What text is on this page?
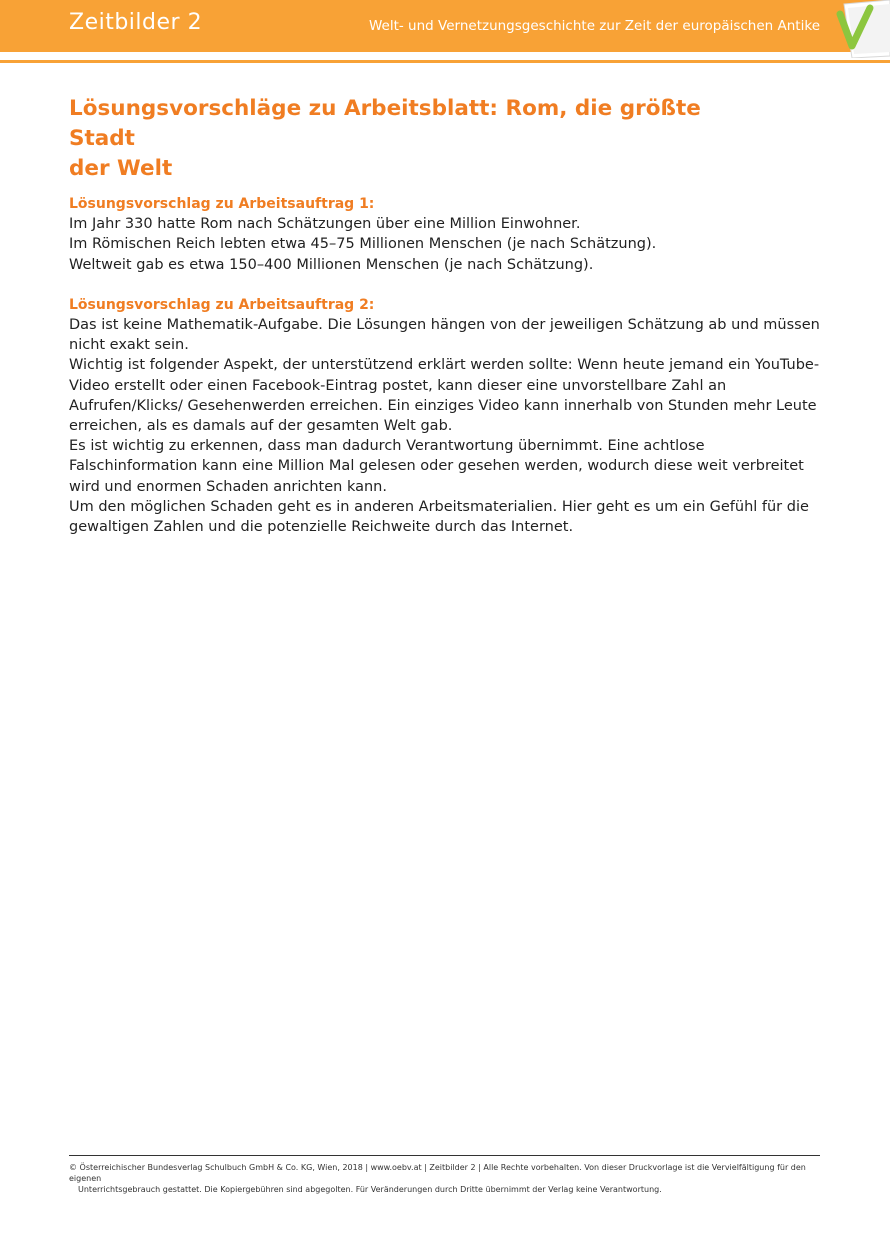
Zeitbilder 2	Welt- und Vernetzungsgeschichte zur Zeit der europäischen Antike
Lösungsvorschläge zu Arbeitsblatt: Rom, die größte Stadt
der Welt

Lösungsvorschlag zu Arbeitsauftrag 1:

Im Jahr 330 hatte Rom nach Schätzungen über eine Million Einwohner.

Im Römischen Reich lebten etwa 45–75 Millionen Menschen (je nach Schätzung).

Weltweit gab es etwa 150–400 Millionen Menschen (je nach Schätzung).

Lösungsvorschlag zu Arbeitsauftrag 2:

Das ist keine Mathematik-Aufgabe. Die Lösungen hängen von der jeweiligen Schätzung ab und müssen nicht exakt sein.

Wichtig ist folgender Aspekt, der unterstützend erklärt werden sollte: Wenn heute jemand ein YouTube-Video erstellt oder einen Facebook-Eintrag postet, kann dieser eine unvorstellbare Zahl an Aufrufen/Klicks/ Gesehenwerden erreichen. Ein einziges Video kann innerhalb von Stunden mehr Leute erreichen, als es damals auf der gesamten Welt gab.

Es ist wichtig zu erkennen, dass man dadurch Verantwortung übernimmt. Eine achtlose Falschinformation kann eine Million Mal gelesen oder gesehen werden, wodurch diese weit verbreitet wird und enormen Schaden anrichten kann.

Um den möglichen Schaden geht es in anderen Arbeitsmaterialien. Hier geht es um ein Gefühl für die gewaltigen Zahlen und die potenzielle Reichweite durch das Internet.

© Österreichischer Bundesverlag Schulbuch GmbH & Co. KG, Wien, 2018 | www.oebv.at | Zeitbilder 2 | Alle Rechte vorbehalten. Von dieser Druckvorlage ist die Vervielfältigung für den eigenen
Unterrichtsgebrauch gestattet. Die Kopiergebühren sind abgegolten. Für Veränderungen durch Dritte übernimmt der Verlag keine Verantwortung.
